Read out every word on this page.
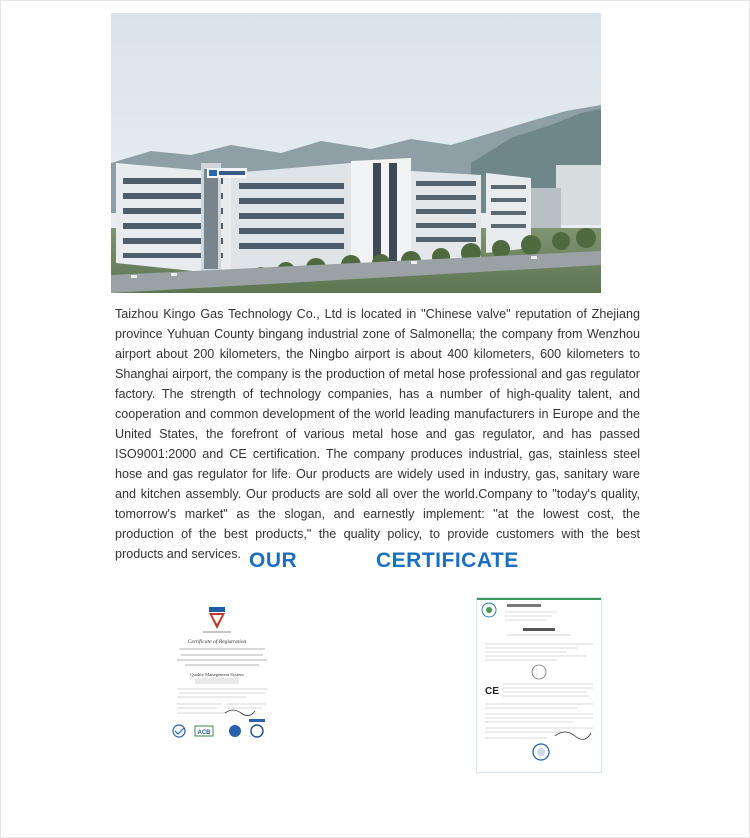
Taizhou Kingo Gas Technology Co., Ltd is located in "Chinese valve" reputation of Zhejiang province Yuhuan County bingang industrial zone of Salmonella; the company from Wenzhou airport about 200 kilometers, the Ningbo airport is about 400 kilometers, 600 kilometers to Shanghai airport, the company is the production of metal hose professional and gas regulator factory. The strength of technology companies, has a number of high-quality talent, and cooperation and common development of the world leading manufacturers in Europe and the United States, the forefront of various metal hose and gas regulator, and has passed ISO9001:2000 and CE certification. The company produces industrial, gas, stainless steel hose and gas regulator for life. Our products are widely used in industry, gas, sanitary ware and kitchen assembly. Our products are sold all over the world.Company to "today's quality, tomorrow's market" as the slogan, and earnestly implement: "at the lowest cost, the production of the best products," the quality policy, to provide customers with the best products and services. OUR	CERTIFICATE
Certificate of Registration
Quality Management System
ACB
CE
